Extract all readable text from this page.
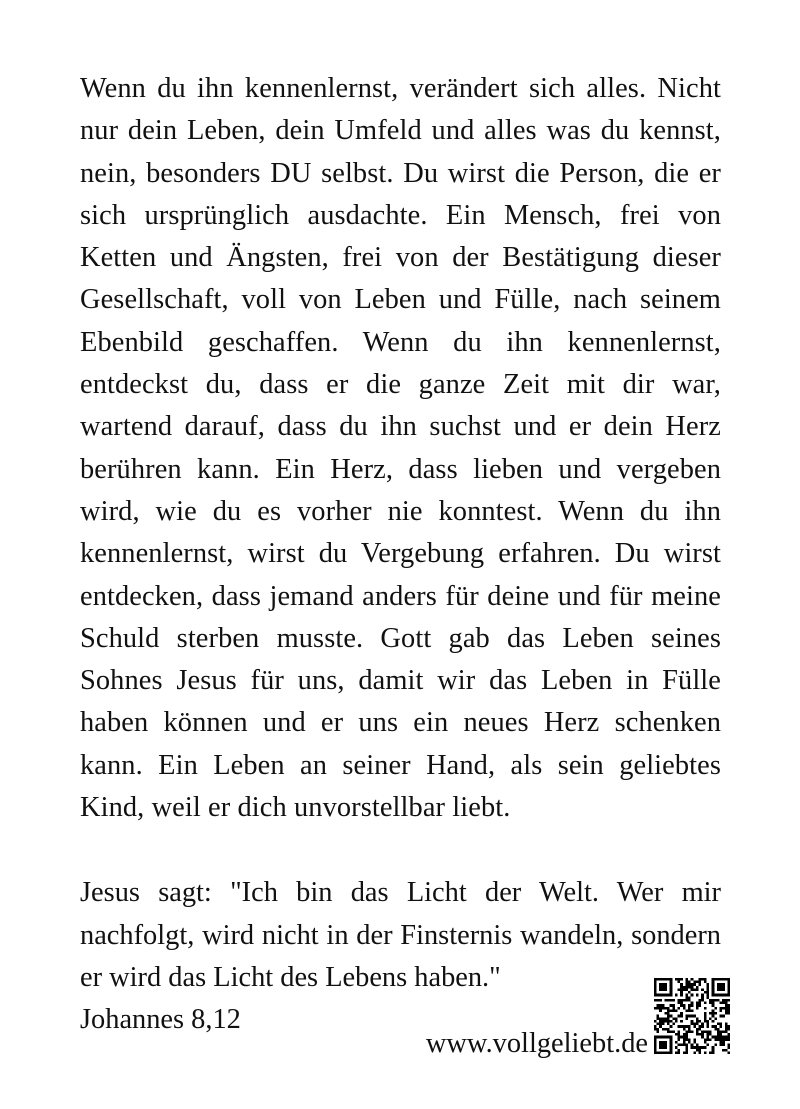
Wenn du ihn kennenlernst, verändert sich alles. Nicht nur dein Leben, dein Umfeld und alles was du kennst, nein, besonders DU selbst. Du wirst die Person, die er sich ursprünglich ausdachte. Ein Mensch, frei von Ketten und Ängsten, frei von der Bestätigung dieser Gesellschaft, voll von Leben und Fülle, nach seinem Ebenbild geschaffen. Wenn du ihn kennenlernst, entdeckst du, dass er die ganze Zeit mit dir war, wartend darauf, dass du ihn suchst und er dein Herz berühren kann. Ein Herz, dass lieben und vergeben wird, wie du es vorher nie konntest. Wenn du ihn kennenlernst, wirst du Vergebung erfahren. Du wirst entdecken, dass jemand anders für deine und für meine Schuld sterben musste. Gott gab das Leben seines Sohnes Jesus für uns, damit wir das Leben in Fülle haben können und er uns ein neues Herz schenken kann. Ein Leben an seiner Hand, als sein geliebtes Kind, weil er dich unvorstellbar liebt.

Jesus sagt: "Ich bin das Licht der Welt. Wer mir nachfolgt, wird nicht in der Finsternis wandeln, sondern er wird das Licht des Lebens haben."

Johannes 8,12

www.vollgeliebt.de
